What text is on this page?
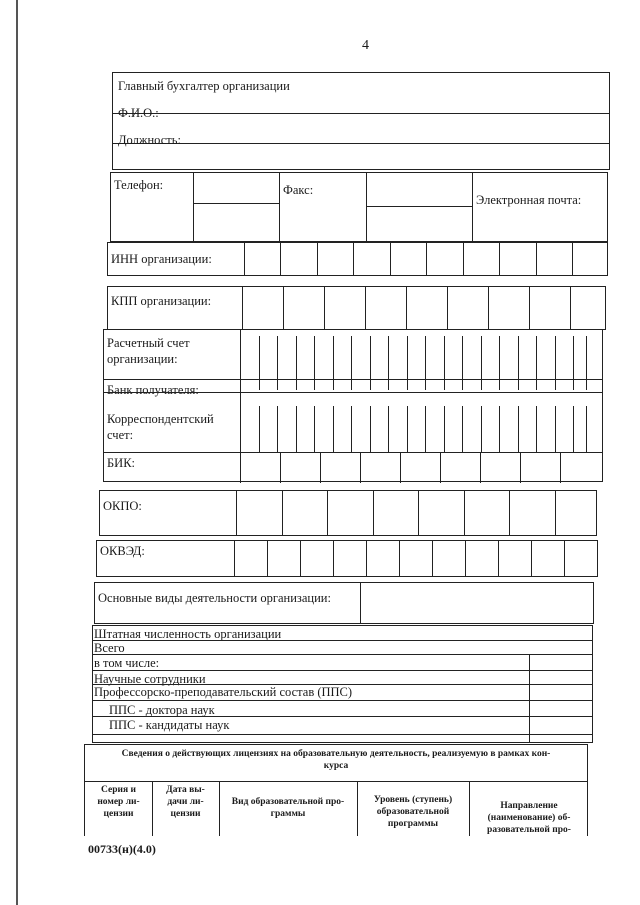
4
Главный бухгалтер организации
Ф.И.О.:
Должность:
Телефон:	Факс:
Электронная почта:
ИНН организации:
КПП организации:
Расчетный счет
организации:
Банк получателя:
Корреспондентский
счет:
БИК:
ОКПО:
ОКВЭД:
Основные виды деятельности организации:
Штатная численность организации
Всего
в том числе:
Научные сотрудники
Профессорско-преподавательский состав (ППС)
ППС - доктора наук
ППС - кандидаты наук
Сведения о действующих лицензиях на образовательную деятельность, реализуемую в рамках кон-
курса
Серия и
номер ли-
цензии
Дата вы-
дачи ли-
цензии
Вид образовательной про-
граммы
Уровень (ступень)
образовательной
программы
Направление
(наименование) об-
разовательной про-
00733(н)(4.0)
